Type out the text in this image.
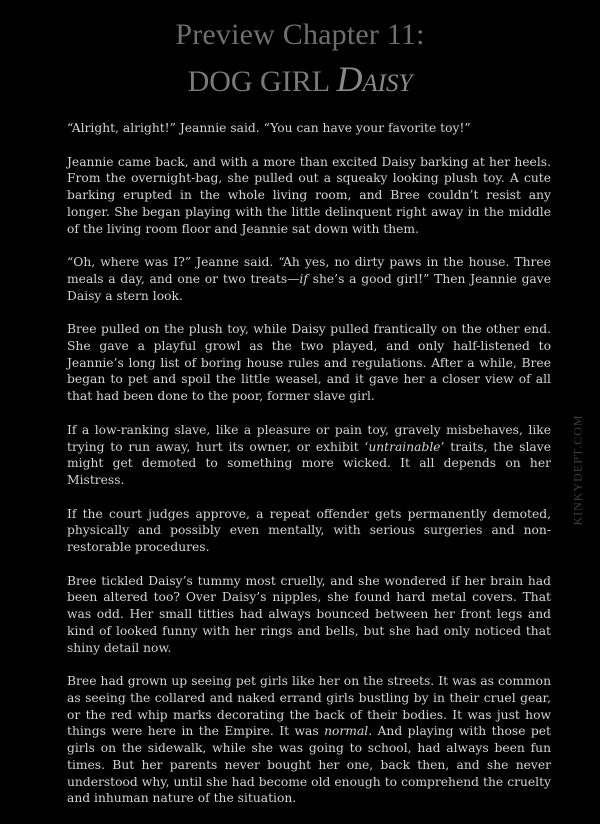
Preview Chapter 11:
DOG GIRL Daisy

“Alright, alright!” Jeannie said. “You can have your favorite toy!”

Jeannie came back, and with a more than excited Daisy barking at her heels. From the overnight-bag, she pulled out a squeaky looking plush toy. A cute barking erupted in the whole living room, and Bree couldn’t resist any longer. She began playing with the little delinquent right away in the middle of the living room floor and Jeannie sat down with them.

“Oh, where was I?” Jeanne said. “Ah yes, no dirty paws in the house. Three meals a day, and one or two treats—if she’s a good girl!” Then Jeannie gave Daisy a stern look.

Bree pulled on the plush toy, while Daisy pulled frantically on the other end. She gave a playful growl as the two played, and only half-listened to Jeannie’s long list of boring house rules and regulations. After a while, Bree began to pet and spoil the little weasel, and it gave her a closer view of all that had been done to the poor, former slave girl.

If a low-ranking slave, like a pleasure or pain toy, gravely misbehaves, like trying to run away, hurt its owner, or exhibit ‘untrainable’ traits, the slave might get demoted to something more wicked. It all depends on her Mistress.

If the court judges approve, a repeat offender gets permanently demoted, physically and possibly even mentally, with serious surgeries and non-restorable procedures.

Bree tickled Daisy’s tummy most cruelly, and she wondered if her brain had been altered too? Over Daisy’s nipples, she found hard metal covers. That was odd. Her small titties had always bounced between her front legs and kind of looked funny with her rings and bells, but she had only noticed that shiny detail now.

Bree had grown up seeing pet girls like her on the streets. It was as common as seeing the collared and naked errand girls bustling by in their cruel gear, or the red whip marks decorating the back of their bodies. It was just how things were here in the Empire. It was normal. And playing with those pet girls on the sidewalk, while she was going to school, had always been fun times. But her parents never bought her one, back then, and she never understood why, until she had become old enough to comprehend the cruelty and inhuman nature of the situation.

KINKYDEPT.COM
